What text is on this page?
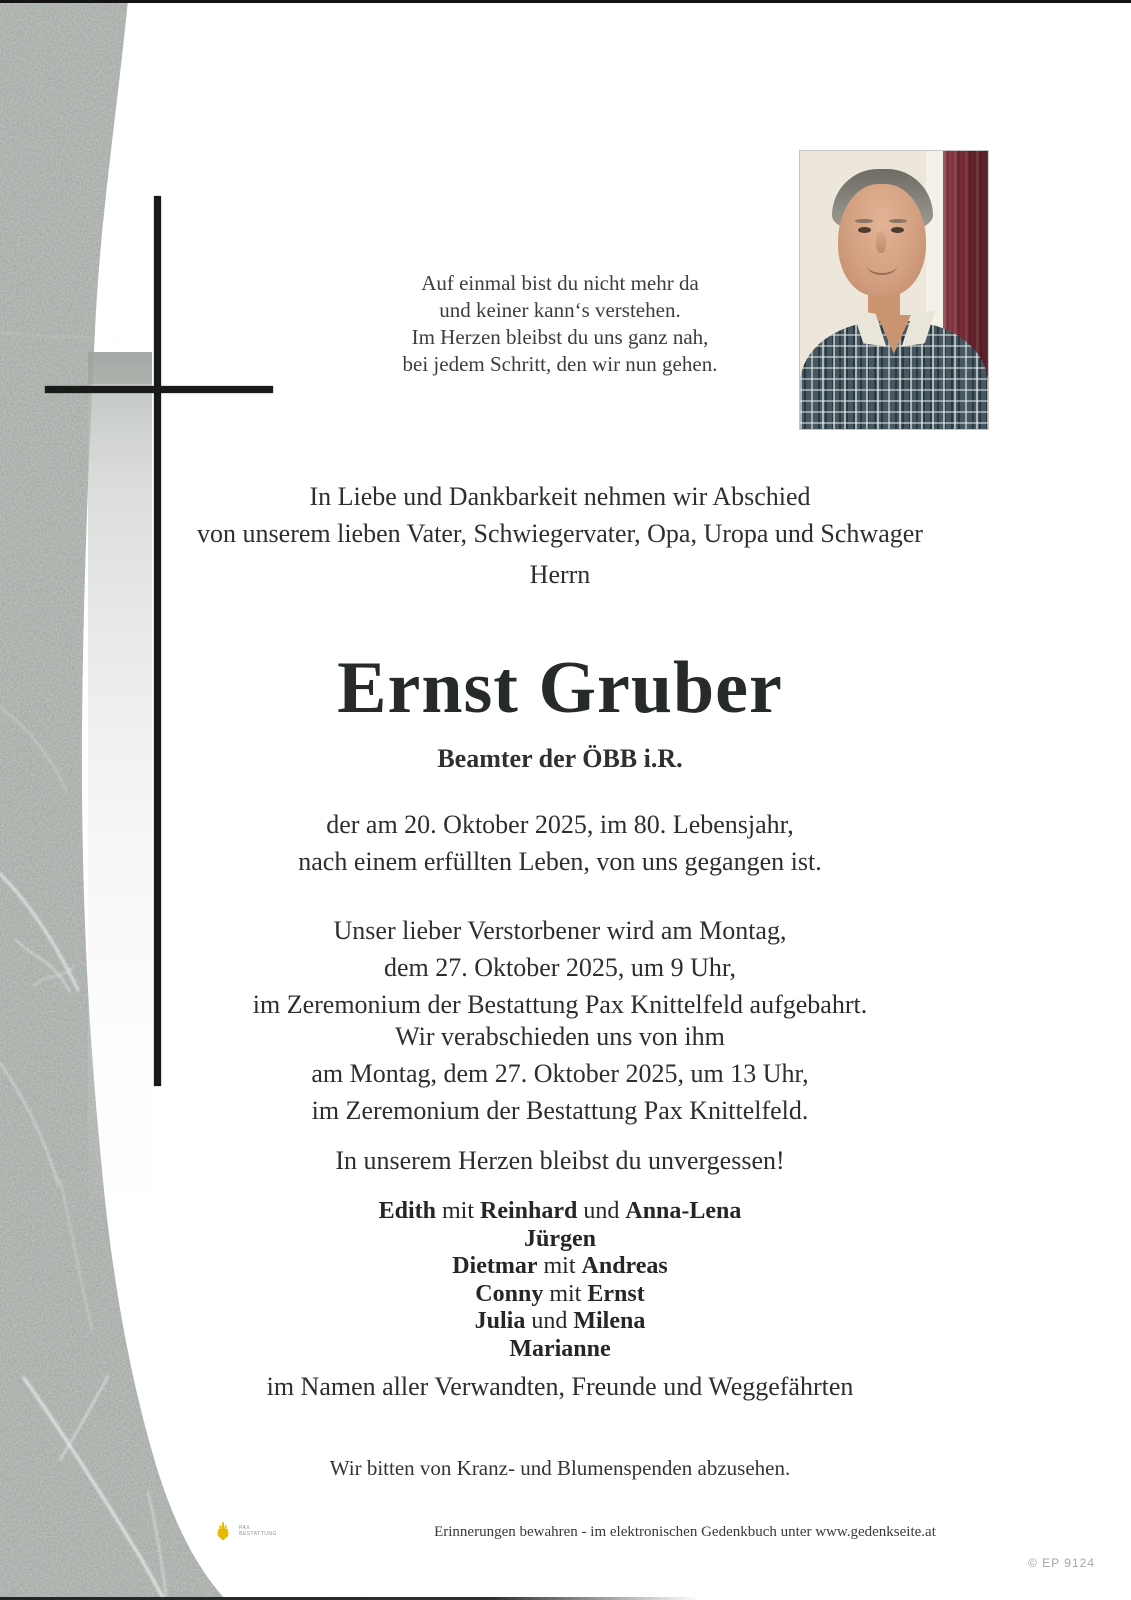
Auf einmal bist du nicht mehr da
und keiner kann‘s verstehen.
Im Herzen bleibst du uns ganz nah,
bei jedem Schritt, den wir nun gehen.
In Liebe und Dankbarkeit nehmen wir Abschied
von unserem lieben Vater, Schwiegervater, Opa, Uropa und Schwager
Herrn
Ernst Gruber
Beamter der ÖBB i.R.
der am 20. Oktober 2025, im 80. Lebensjahr,
nach einem erfüllten Leben, von uns gegangen ist.
Unser lieber Verstorbener wird am Montag,
dem 27. Oktober 2025, um 9 Uhr,
im Zeremonium der Bestattung Pax Knittelfeld aufgebahrt.
Wir verabschieden uns von ihm
am Montag, dem 27. Oktober 2025, um 13 Uhr,
im Zeremonium der Bestattung Pax Knittelfeld.
In unserem Herzen bleibst du unvergessen!
Edith mit Reinhard und Anna-Lena
Jürgen
Dietmar mit Andreas
Conny mit Ernst
Julia und Milena
Marianne
im Namen aller Verwandten, Freunde und Weggefährten
Wir bitten von Kranz- und Blumenspenden abzusehen.
PAX
BESTATTUNG	Erinnerungen bewahren - im elektronischen Gedenkbuch unter www.gedenkseite.at
© EP 9124
